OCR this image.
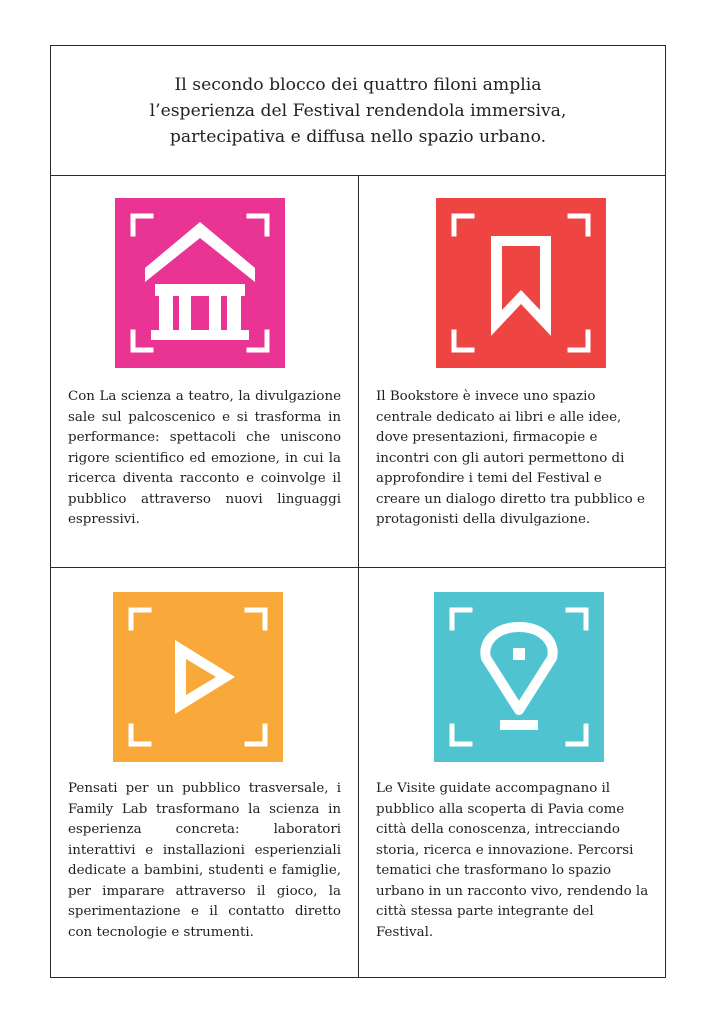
Il secondo blocco dei quattro filoni amplia
l’esperienza del Festival rendendola immersiva,
partecipativa e diffusa nello spazio urbano.
Con La scienza a teatro, la divulgazione sale sul palcoscenico e si trasforma in performance: spettacoli che uniscono rigore scientifico ed emozione, in cui la ricerca diventa racconto e coinvolge il pubblico attraverso nuovi linguaggi espressivi.
Il Bookstore è invece uno spazio centrale dedicato ai libri e alle idee, dove presentazioni, firmacopie e incontri con gli autori permettono di approfondire i temi del Festival e creare un dialogo diretto tra pubblico e protagonisti della divulgazione.
Pensati per un pubblico trasversale, i Family Lab trasformano la scienza in esperienza concreta: laboratori interattivi e installazioni esperienziali dedicate a bambini, studenti e famiglie, per imparare attraverso il gioco, la sperimentazione e il contatto diretto con tecnologie e strumenti.
Le Visite guidate accompagnano il pubblico alla scoperta di Pavia come città della conoscenza, intrecciando storia, ricerca e innovazione. Percorsi tematici che trasformano lo spazio urbano in un racconto vivo, rendendo la città stessa parte integrante del Festival.
